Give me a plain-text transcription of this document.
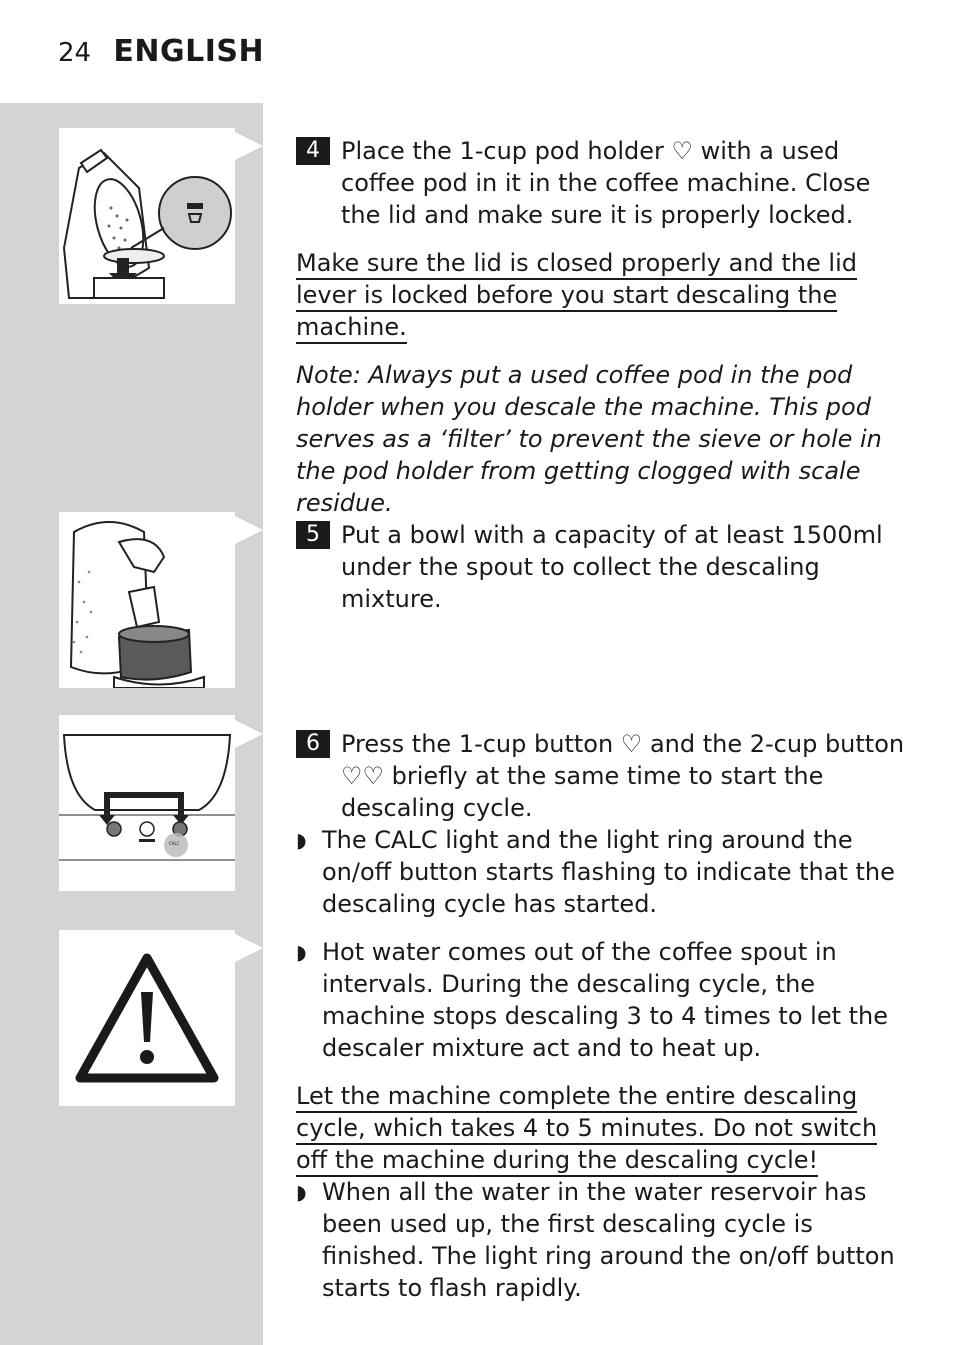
24 ENGLISH
CALC
4 Place the 1-cup pod holder ♡ with a used coffee pod in it in the coffee machine. Close the lid and make sure it is properly locked.

Make sure the lid is closed properly and the lid lever is locked before you start descaling the machine.

Note: Always put a used coffee pod in the pod holder when you descale the machine. This pod serves as a ‘filter’ to prevent the sieve or hole in the pod holder from getting clogged with scale residue.

5 Put a bowl with a capacity of at least 1500ml under the spout to collect the descaling mixture.

6 Press the 1-cup button ♡ and the 2-cup button ♡♡ briefly at the same time to start the descaling cycle.

◗ The CALC light and the light ring around the on/off button starts flashing to indicate that the descaling cycle has started.

◗ Hot water comes out of the coffee spout in intervals. During the descaling cycle, the machine stops descaling 3 to 4 times to let the descaler mixture act and to heat up.

Let the machine complete the entire descaling cycle, which takes 4 to 5 minutes. Do not switch off the machine during the descaling cycle!

◗ When all the water in the water reservoir has been used up, the first descaling cycle is finished. The light ring around the on/off button starts to flash rapidly.
